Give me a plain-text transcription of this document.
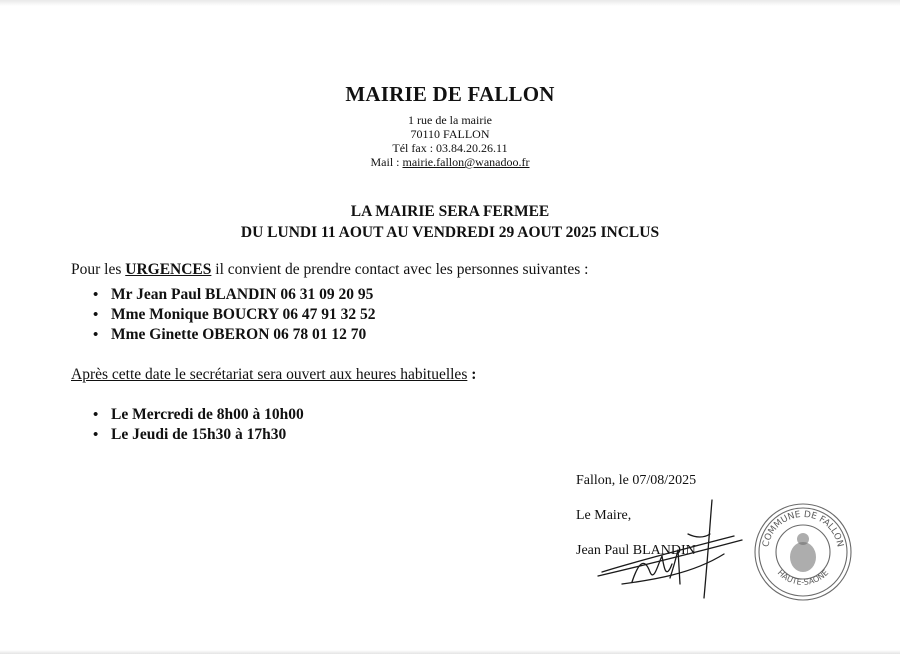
MAIRIE DE FALLON
1 rue de la mairie
70110 FALLON
Tél fax : 03.84.20.26.11
Mail : mairie.fallon@wanadoo.fr
LA MAIRIE SERA FERMEE
DU LUNDI 11 AOUT AU VENDREDI 29 AOUT 2025 INCLUS
Pour les URGENCES il convient de prendre contact avec les personnes suivantes :
• Mr Jean Paul BLANDIN 06 31 09 20 95
• Mme Monique BOUCRY 06 47 91 32 52
• Mme Ginette OBERON 06 78 01 12 70
Après cette date le secrétariat sera ouvert aux heures habituelles :
• Le Mercredi de 8h00 à 10h00
• Le Jeudi de 15h30 à 17h30
Fallon, le 07/08/2025
Le Maire,
Jean Paul BLANDIN	COMMUNE DE FALLON
HAUTE-SAONE
